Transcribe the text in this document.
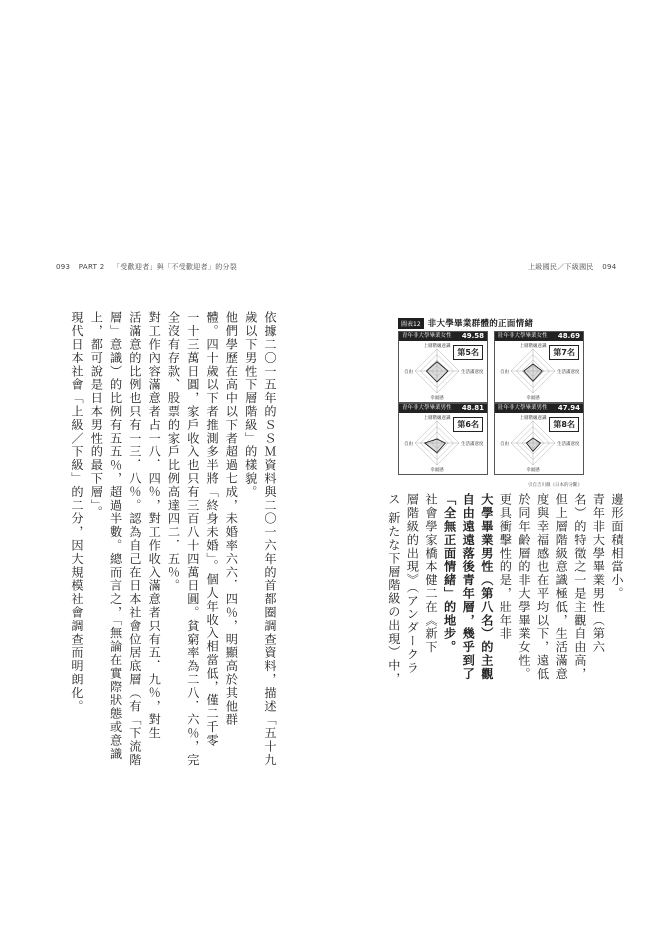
093 PART 2 「受歡迎者」與「不受歡迎者」的分裂	上級國民／下級國民 094
依據二〇一五年的ＳＳＭ資料與二〇一六年的首都圈調查資料，描述「五十九
歲以下男性下層階級」的樣貌。
他們學歷在高中以下者超過七成，未婚率六六．四％，明顯高於其他群
體。四十歲以下者推測多半將「終身未婚」。個人年收入相當低，僅二千零
一十三萬日圓，家戶收入也只有三百八十四萬日圓。貧窮率為二八．六％，完
全沒有存款、股票的家戶比例高達四二．五％。
對工作內容滿意者占一八．四％，對工作收入滿意者只有五．九％，對生
活滿意的比例也只有一三．八％。認為自己在日本社會位居底層（有「下流階
層」意識）的比例有五五％，超過半數。總而言之，「無論在實際狀態或意識
上，都可說是日本男性的最下層」。
現代日本社會「上級／下級」的二分，因大規模社會調查而明朗化。	邊形面積相當小。
青年非大學畢業男性（第六
名）的特徵之一是主觀自由高，
但上層階級意識極低，生活滿意
度與幸福感也在平均以下，遠低
於同年齡層的非大學畢業女性。
更具衝擊性的是，壯年非
大學畢業男性（第八名）的主觀
自由遠遠落後青年層，幾乎到了
「全無正面情緒」的地步。
社會學家橋本健二在《新下
層階級的出現》（アンダークラ
ス 新たな下層階級の出現）中，
圖表12 非大學畢業群體的正面情緒
青年非大學畢業女性 49.58
第5名
上層階級意識
生活滿意度
幸福感
自由
壯年非大學畢業女性 48.69
第7名
上層階級意識
生活滿意度
幸福感
自由
青年非大學畢業男性 48.81
第6名
上層階級意識
生活滿意度
幸福感
自由
壯年非大學畢業男性 47.94
第8名
上層階級意識
生活滿意度
幸福感
自由
引自吉川徹《日本的分斷》
